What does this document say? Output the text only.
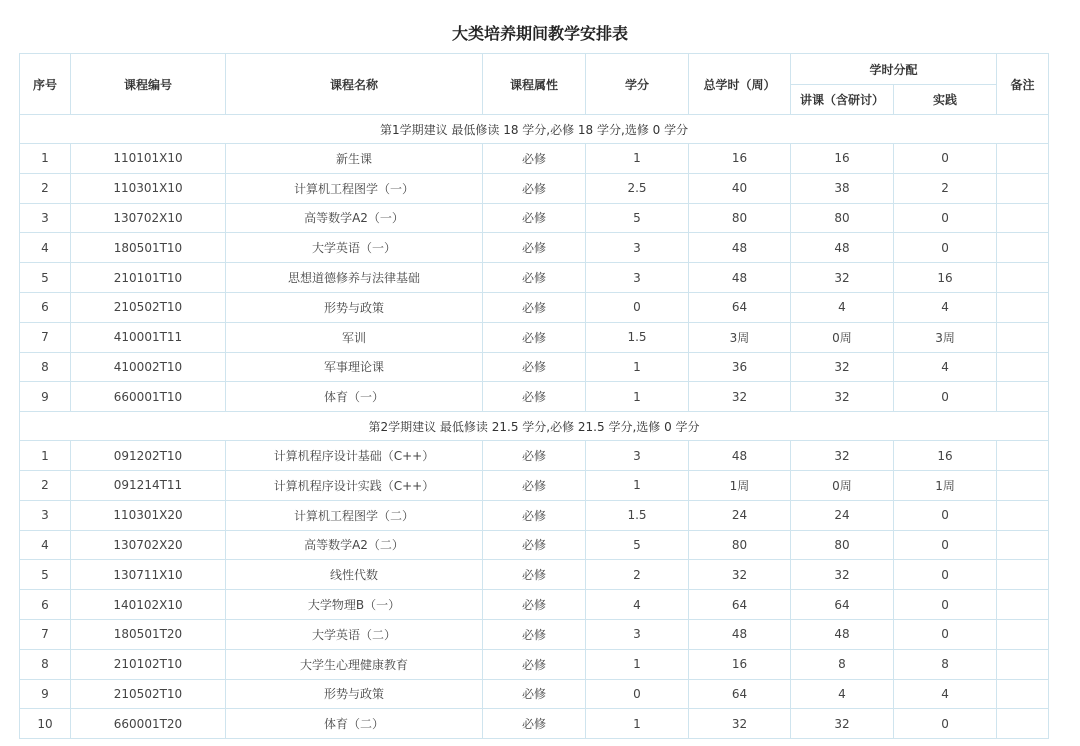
大类培养期间教学安排表
序号	课程编号	课程名称	课程属性	学分	总学时（周）	学时分配		备注
						讲课（含研讨）	实践	
第1学期建议 最低修读 18 学分,必修 18 学分,选修 0 学分								
1	110101X10	新生课	必修	1	16	16	0	
2	110301X10	计算机工程图学（一）	必修	2.5	40	38	2	
3	130702X10	高等数学A2（一）	必修	5	80	80	0	
4	180501T10	大学英语（一）	必修	3	48	48	0	
5	210101T10	思想道德修养与法律基础	必修	3	48	32	16	
6	210502T10	形势与政策	必修	0	64	4	4	
7	410001T11	军训	必修	1.5	3周	0周	3周	
8	410002T10	军事理论课	必修	1	36	32	4	
9	660001T10	体育（一）	必修	1	32	32	0	
第2学期建议 最低修读 21.5 学分,必修 21.5 学分,选修 0 学分								
1	091202T10	计算机程序设计基础（C++）	必修	3	48	32	16	
2	091214T11	计算机程序设计实践（C++）	必修	1	1周	0周	1周	
3	110301X20	计算机工程图学（二）	必修	1.5	24	24	0	
4	130702X20	高等数学A2（二）	必修	5	80	80	0	
5	130711X10	线性代数	必修	2	32	32	0	
6	140102X10	大学物理B（一）	必修	4	64	64	0	
7	180501T20	大学英语（二）	必修	3	48	48	0	
8	210102T10	大学生心理健康教育	必修	1	16	8	8	
9	210502T10	形势与政策	必修	0	64	4	4	
10	660001T20	体育（二）	必修	1	32	32	0	
